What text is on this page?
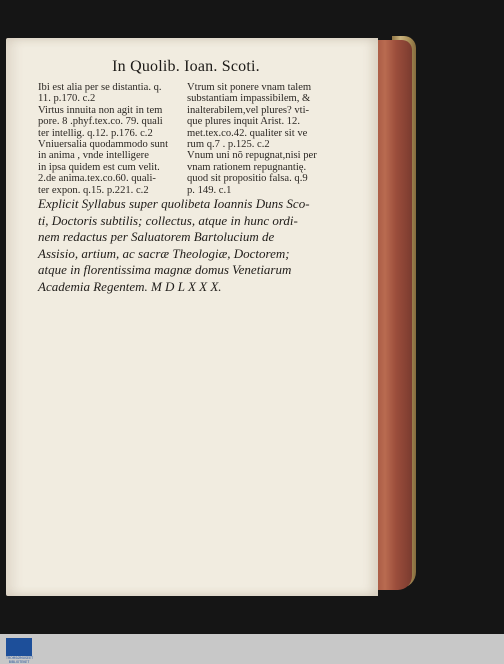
In Quolib. Ioan. Scoti.

Ibi est alia per se distantia. q.
11. p.170. c.2

Virtus innuita non agit in tem
pore. 8 .phyf.tex.co. 79. quali
ter intellig. q.12. p.176. c.2

Vniuersalia quodammodo sunt
in anima , vnde intelligere
in ipsa quidem est cum velit.
2.de anima.tex.co.60. quali-
ter expon. q.15. p.221. c.2

Vtrum sit ponere vnam talem
substantiam impassibilem, &
inalterabilem,vel plures? vti-
que plures inquit Arist. 12.
met.tex.co.42. qualiter sit ve
rum q.7 . p.125. c.2

Vnum uni nõ repugnat,nisi per
vnam rationem repugnantię.
quod sit propositio falsa. q.9
p. 149. c.1

Explicit Syllabus super quolibeta Ioannis Duns Sco-
ti, Doctoris subtilis; collectus, atque in hunc ordi-
nem redactus per Saluatorem Bartolucium de
Assisio, artium, ac sacræ Theologiæ, Doctorem;
atque in florentissima magnæ domus Venetiarum
Academia Regentem. M D L X X X.
TROMSØMUSEET
BIBLIOTEKET
